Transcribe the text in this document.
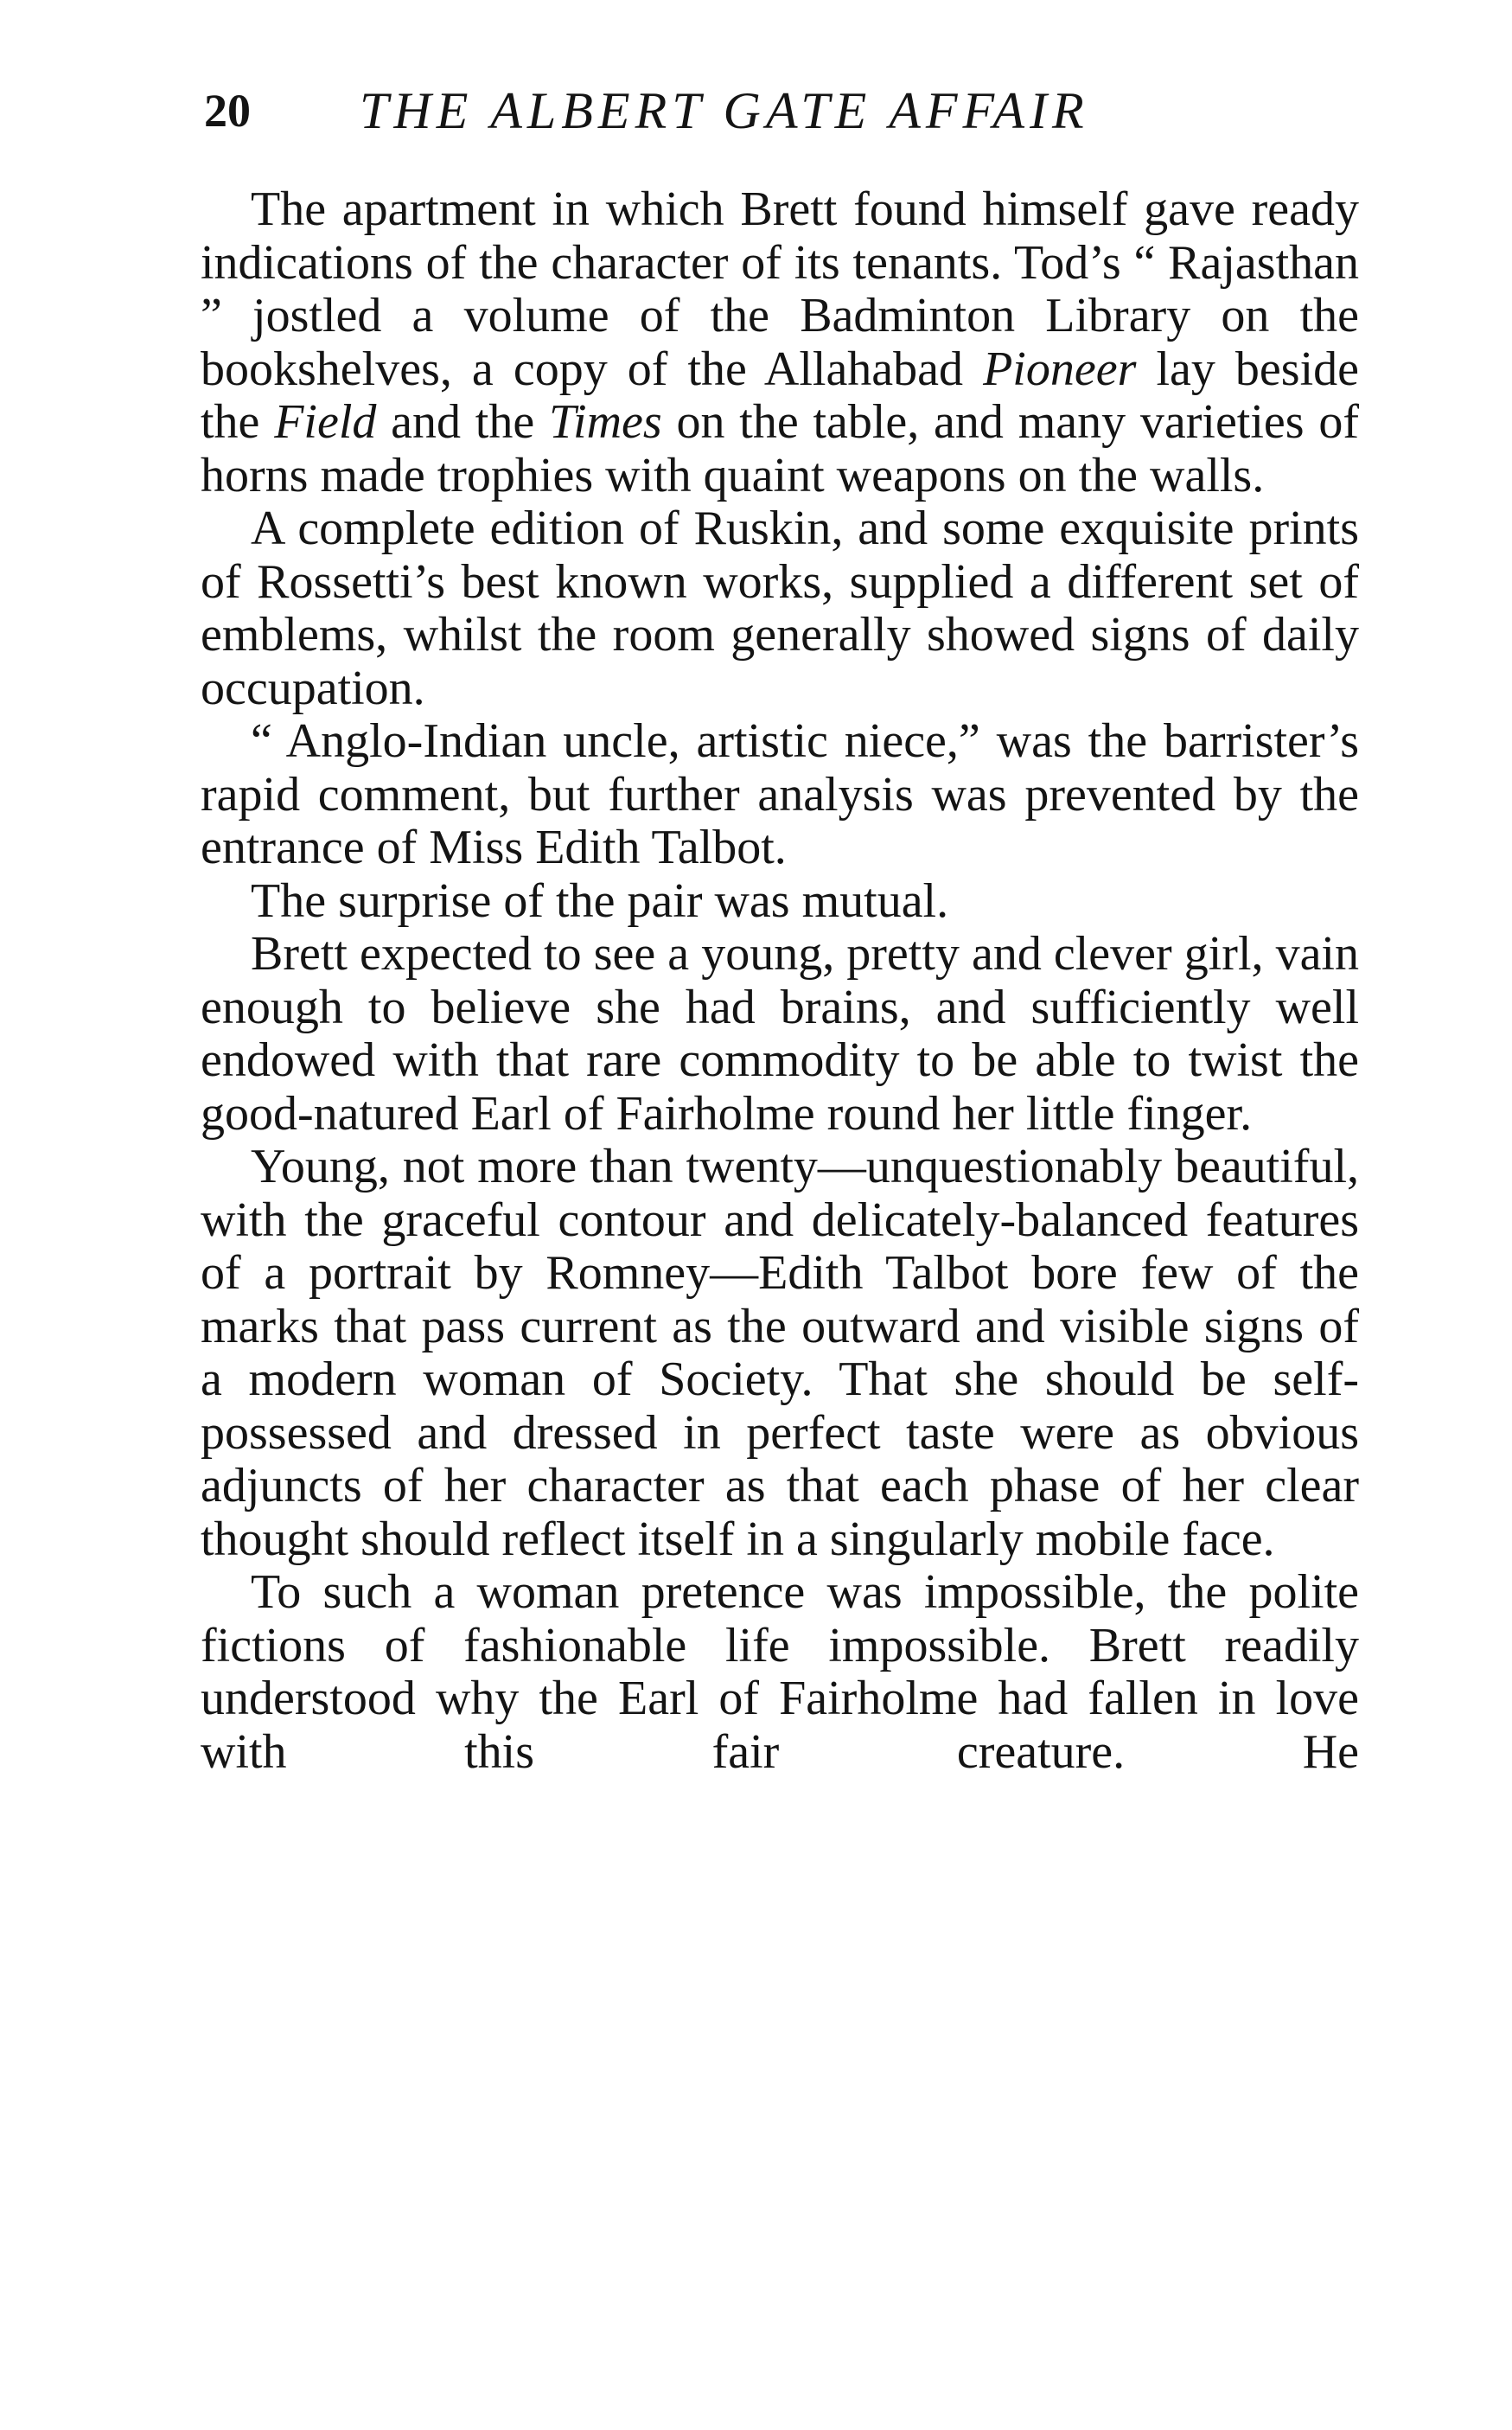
20 THE ALBERT GATE AFFAIR

The apartment in which Brett found himself gave ready indications of the character of its tenants. Tod’s “ Rajasthan ” jostled a volume of the Badminton Library on the bookshelves, a copy of the Allahabad Pioneer lay beside the Field and the Times on the table, and many varieties of horns made trophies with quaint weapons on the walls.

A complete edition of Ruskin, and some exquisite prints of Rossetti’s best known works, supplied a different set of emblems, whilst the room generally showed signs of daily occupation.

“ Anglo-Indian uncle, artistic niece,” was the barrister’s rapid comment, but further analysis was prevented by the entrance of Miss Edith Talbot.

The surprise of the pair was mutual.

Brett expected to see a young, pretty and clever girl, vain enough to believe she had brains, and sufficiently well endowed with that rare commodity to be able to twist the good-natured Earl of Fairholme round her little finger.

Young, not more than twenty—unquestionably beautiful, with the graceful contour and delicately-balanced features of a portrait by Romney—Edith Talbot bore few of the marks that pass current as the outward and visible signs of a modern woman of Society. That she should be self-possessed and dressed in perfect taste were as obvious adjuncts of her character as that each phase of her clear thought should reflect itself in a singularly mobile face.

To such a woman pretence was impossible, the polite fictions of fashionable life impossible. Brett readily understood why the Earl of Fairholme had fallen in love with this fair creature. He
